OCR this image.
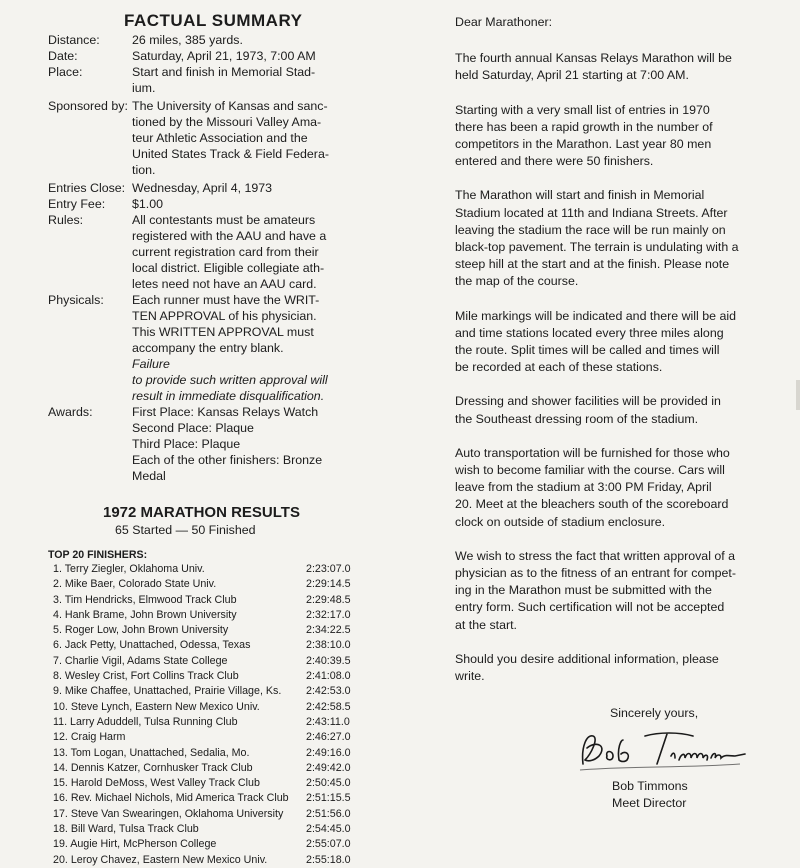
FACTUAL SUMMARY
Distance:	26 miles, 385 yards.
Date:	Saturday, April 21, 1973, 7:00 AM
Place:	Start and finish in Memorial Stad-
ium.
Sponsored by: The University of Kansas and sanc-
tioned by the Missouri Valley Ama-
teur Athletic Association and the
United States Track & Field Federa-
tion.
Entries Close: Wednesday, April 4, 1973
Entry Fee:	$1.00
Rules:	All contestants must be amateurs
registered with the AAU and have a
current registration card from their
local district. Eligible collegiate ath-
letes need not have an AAU card.
Physicals:	Each runner must have the WRIT-
TEN APPROVAL of his physician.
This WRITTEN APPROVAL must
accompany the entry blank.
Failure
to provide such written approval will
result in immediate disqualification.
Awards:	First Place: Kansas Relays Watch
Second Place: Plaque
Third Place: Plaque
Each of the other finishers: Bronze
Medal
1972 MARATHON RESULTS
65 Started — 50 Finished
TOP 20 FINISHERS:
1. Terry Ziegler, Oklahoma Univ.	2:23:07.0
2. Mike Baer, Colorado State Univ.	2:29:14.5
3. Tim Hendricks, Elmwood Track Club	2:29:48.5
4. Hank Brame, John Brown University	2:32:17.0
5. Roger Low, John Brown University	2:34:22.5
6. Jack Petty, Unattached, Odessa, Texas	2:38:10.0
7. Charlie Vigil, Adams State College	2:40:39.5
8. Wesley Crist, Fort Collins Track Club	2:41:08.0
9. Mike Chaffee, Unattached, Prairie Village, Ks.	2:42:53.0
10. Steve Lynch, Eastern New Mexico Univ.	2:42:58.5
11. Larry Aduddell, Tulsa Running Club	2:43:11.0
12. Craig Harm	2:46:27.0
13. Tom Logan, Unattached, Sedalia, Mo.	2:49:16.0
14. Dennis Katzer, Cornhusker Track Club	2:49:42.0
15. Harold DeMoss, West Valley Track Club	2:50:45.0
16. Rev. Michael Nichols, Mid America Track Club	2:51:15.5
17. Steve Van Swearingen, Oklahoma University	2:51:56.0
18. Bill Ward, Tulsa Track Club	2:54:45.0
19. Augie Hirt, McPherson College	2:55:07.0
20. Leroy Chavez, Eastern New Mexico Univ.	2:55:18.0

Dear Marathoner:

The fourth annual Kansas Relays Marathon will be
held Saturday, April 21 starting at 7:00 AM.

Starting with a very small list of entries in 1970
there has been a rapid growth in the number of
competitors in the Marathon. Last year 80 men
entered and there were 50 finishers.

The Marathon will start and finish in Memorial
Stadium located at 11th and Indiana Streets. After
leaving the stadium the race will be run mainly on
black-top pavement. The terrain is undulating with a
steep hill at the start and at the finish. Please note
the map of the course.

Mile markings will be indicated and there will be aid
and time stations located every three miles along
the route. Split times will be called and times will
be recorded at each of these stations.

Dressing and shower facilities will be provided in
the Southeast dressing room of the stadium.

Auto transportation will be furnished for those who
wish to become familiar with the course. Cars will
leave from the stadium at 3:00 PM Friday, April
20. Meet at the bleachers south of the scoreboard
clock on outside of stadium enclosure.

We wish to stress the fact that written approval of a
physician as to the fitness of an entrant for compet-
ing in the Marathon must be submitted with the
entry form. Such certification will not be accepted
at the start.

Should you desire additional information, please
write.

Sincerely yours,
Bob Timmons
Meet Director
